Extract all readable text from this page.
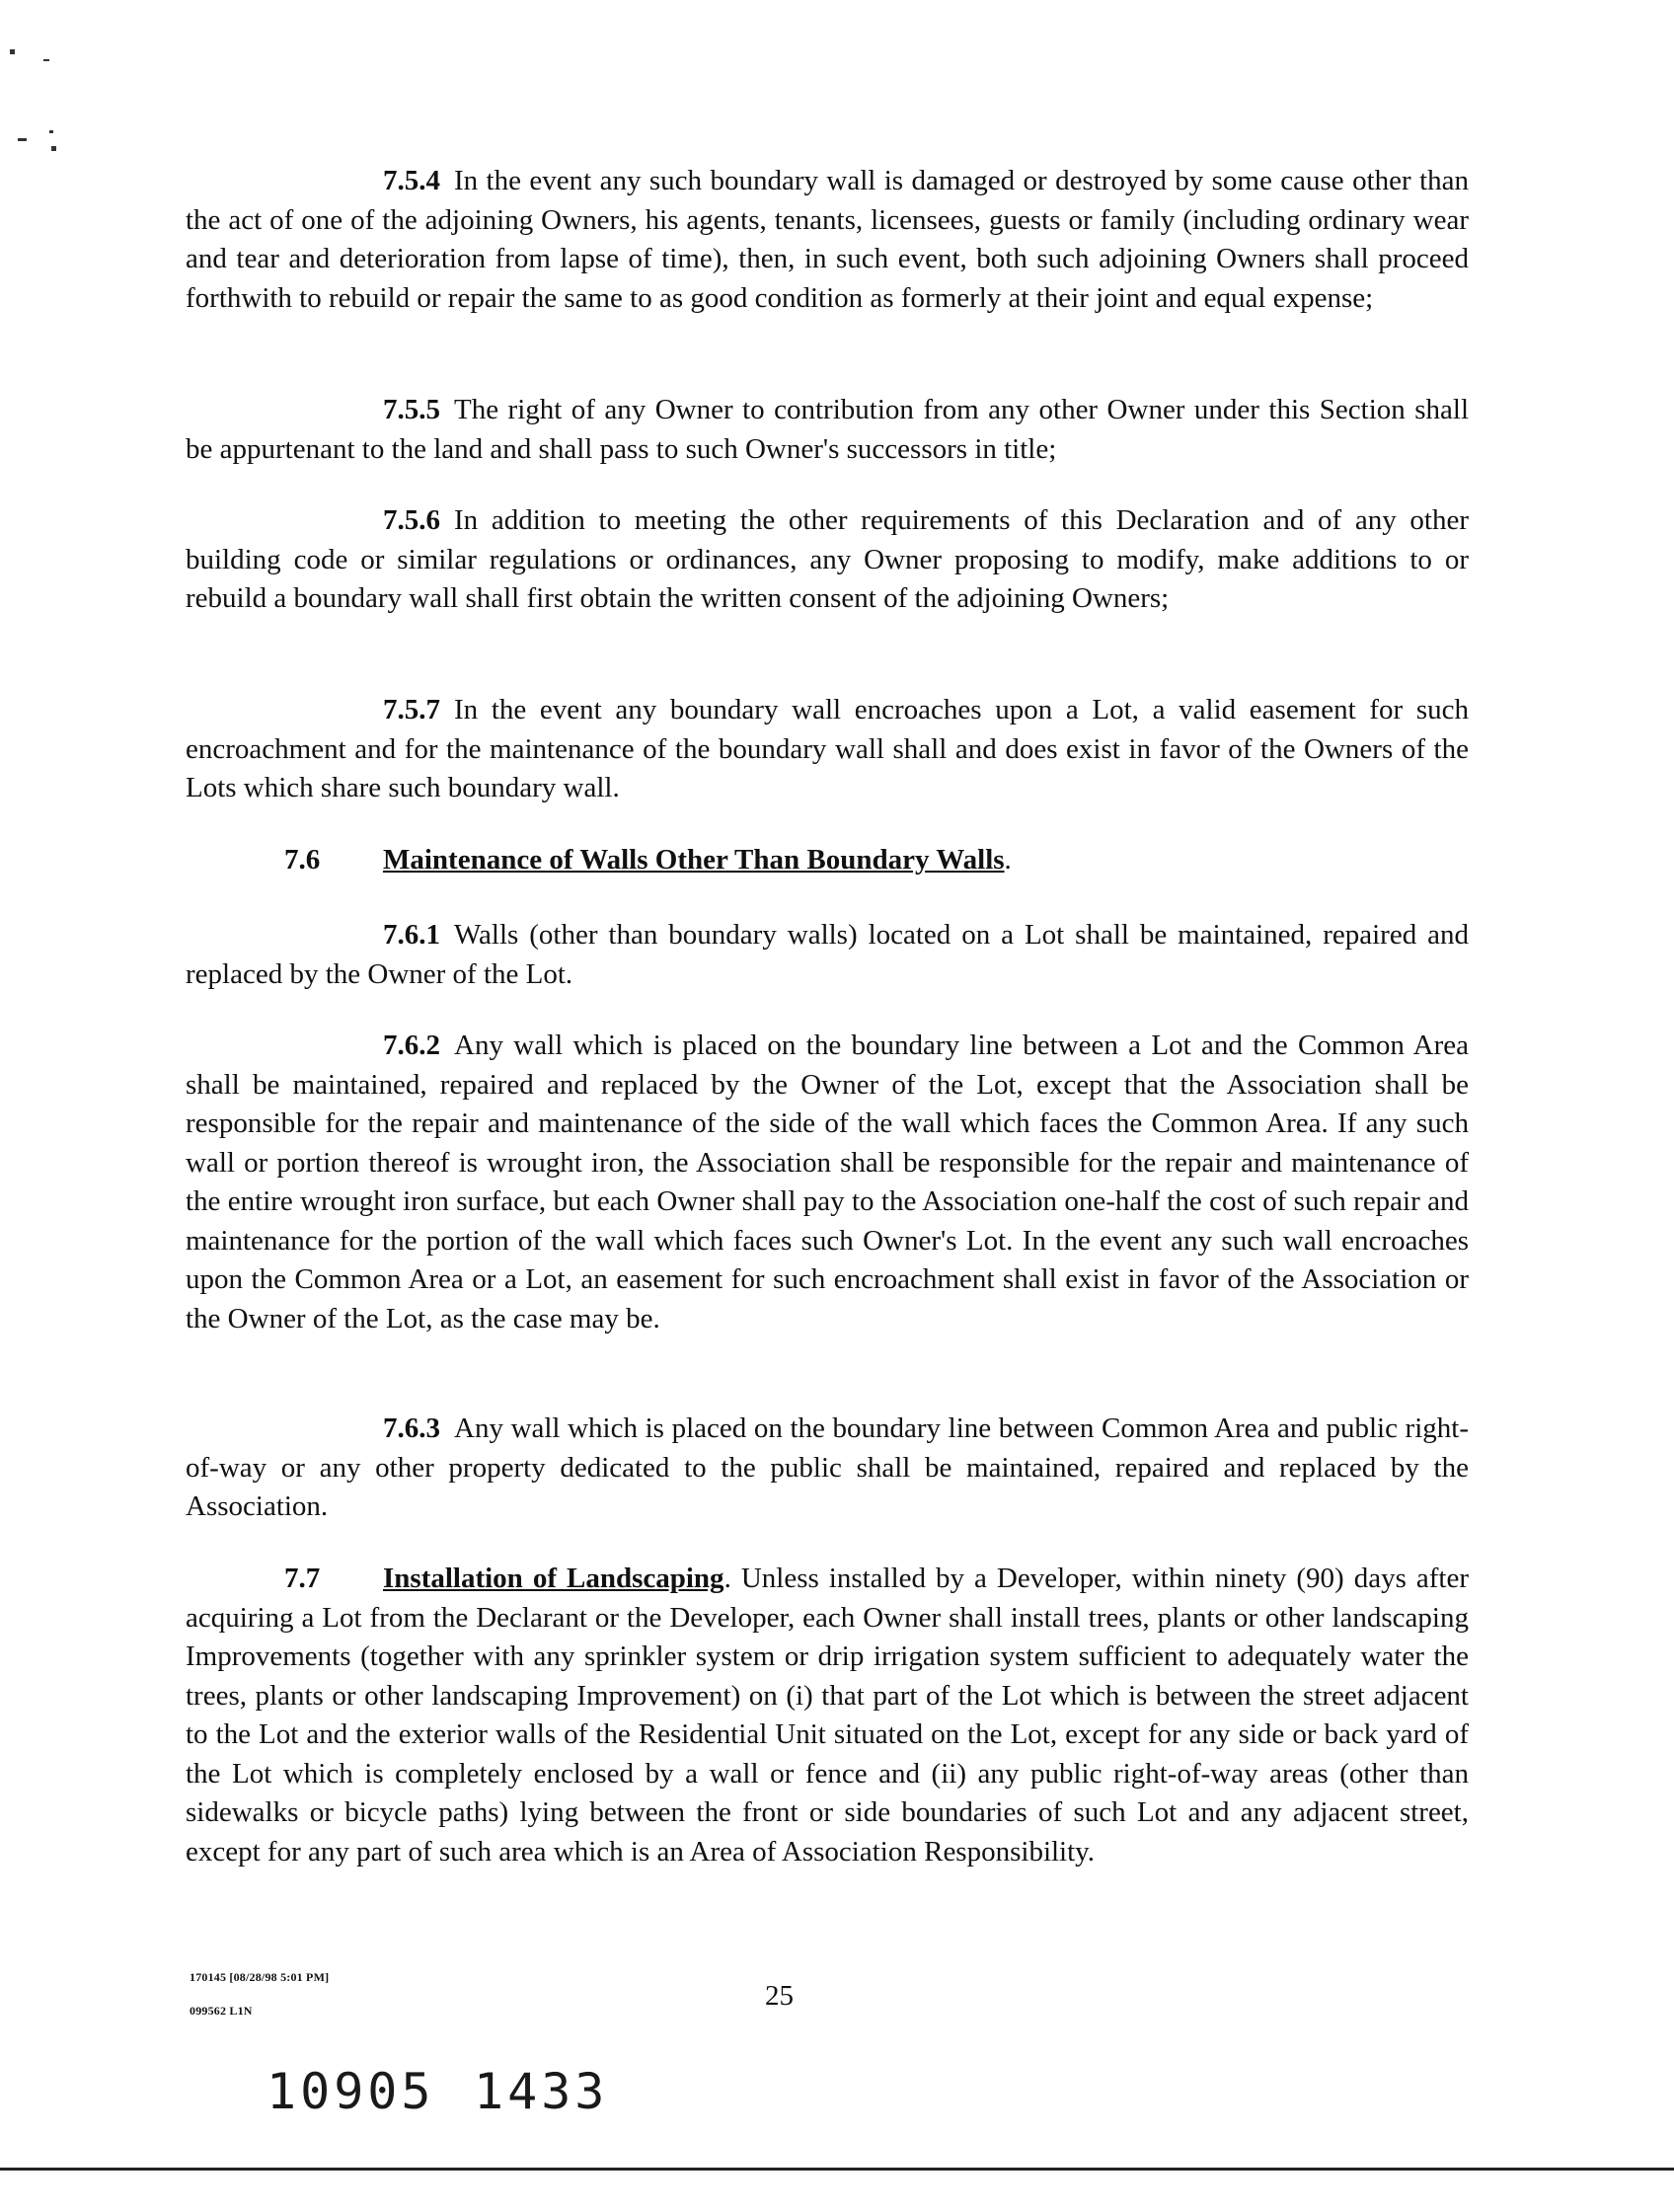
7.5.4 In the event any such boundary wall is damaged or destroyed by some cause other than the act of one of the adjoining Owners, his agents, tenants, licensees, guests or family (including ordinary wear and tear and deterioration from lapse of time), then, in such event, both such adjoining Owners shall proceed forthwith to rebuild or repair the same to as good condition as formerly at their joint and equal expense;
7.5.5 The right of any Owner to contribution from any other Owner under this Section shall be appurtenant to the land and shall pass to such Owner's successors in title;
7.5.6 In addition to meeting the other requirements of this Declaration and of any other building code or similar regulations or ordinances, any Owner proposing to modify, make additions to or rebuild a boundary wall shall first obtain the written consent of the adjoining Owners;
7.5.7 In the event any boundary wall encroaches upon a Lot, a valid easement for such encroachment and for the maintenance of the boundary wall shall and does exist in favor of the Owners of the Lots which share such boundary wall.
7.6 Maintenance of Walls Other Than Boundary Walls.
7.6.1 Walls (other than boundary walls) located on a Lot shall be maintained, repaired and replaced by the Owner of the Lot.
7.6.2 Any wall which is placed on the boundary line between a Lot and the Common Area shall be maintained, repaired and replaced by the Owner of the Lot, except that the Association shall be responsible for the repair and maintenance of the side of the wall which faces the Common Area. If any such wall or portion thereof is wrought iron, the Association shall be responsible for the repair and maintenance of the entire wrought iron surface, but each Owner shall pay to the Association one-half the cost of such repair and maintenance for the portion of the wall which faces such Owner's Lot. In the event any such wall encroaches upon the Common Area or a Lot, an easement for such encroachment shall exist in favor of the Association or the Owner of the Lot, as the case may be.
7.6.3 Any wall which is placed on the boundary line between Common Area and public right-of-way or any other property dedicated to the public shall be maintained, repaired and replaced by the Association.
7.7 Installation of Landscaping. Unless installed by a Developer, within ninety (90) days after acquiring a Lot from the Declarant or the Developer, each Owner shall install trees, plants or other landscaping Improvements (together with any sprinkler system or drip irrigation system sufficient to adequately water the trees, plants or other landscaping Improvement) on (i) that part of the Lot which is between the street adjacent to the Lot and the exterior walls of the Residential Unit situated on the Lot, except for any side or back yard of the Lot which is completely enclosed by a wall or fence and (ii) any public right-of-way areas (other than sidewalks or bicycle paths) lying between the front or side boundaries of such Lot and any adjacent street, except for any part of such area which is an Area of Association Responsibility.
170145 [08/28/98 5:01 PM]
099562 L1N	25
10905 1433
